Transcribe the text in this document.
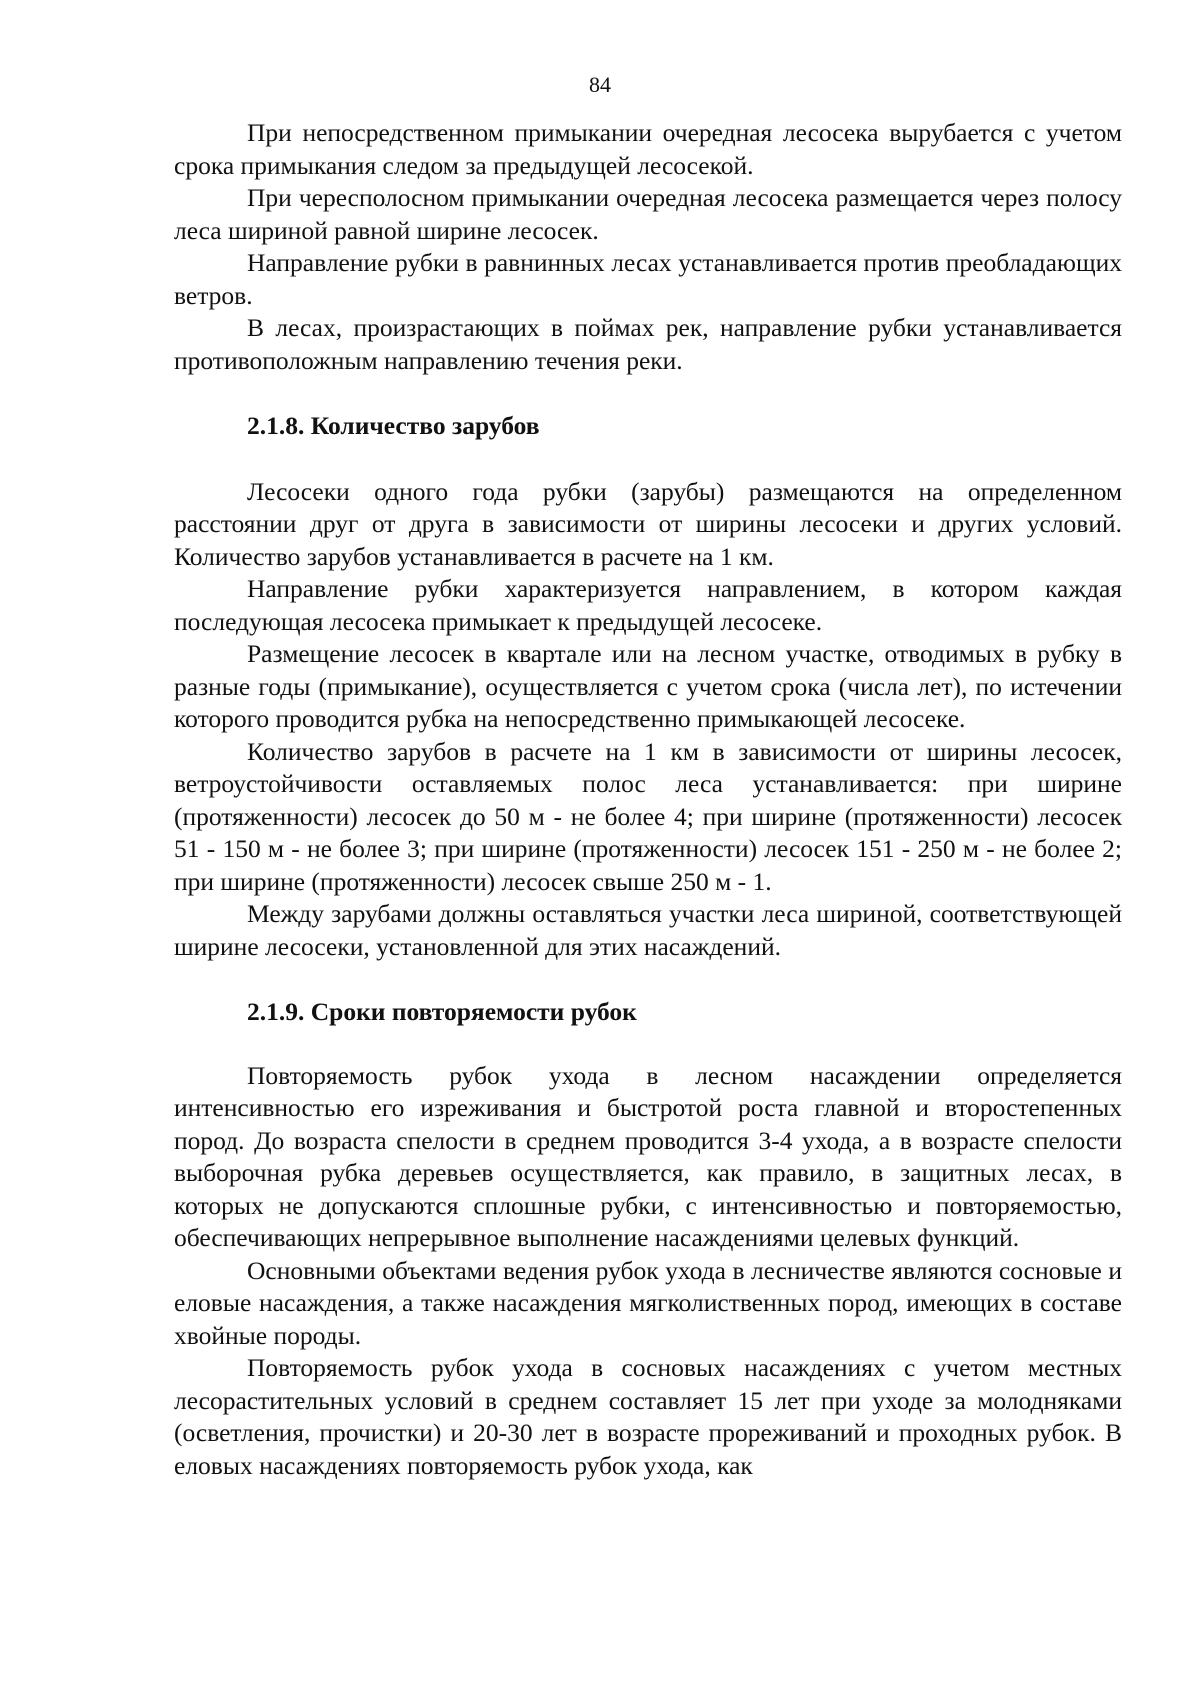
84

При непосредственном примыкании очередная лесосека вырубается с учетом срока примыкания следом за предыдущей лесосекой.

При чересполосном примыкании очередная лесосека размещается через полосу леса шириной равной ширине лесосек.

Направление рубки в равнинных лесах устанавливается против преобладающих ветров.

В лесах, произрастающих в поймах рек, направление рубки устанавливается противоположным направлению течения реки.

2.1.8. Количество зарубов

Лесосеки одного года рубки (зарубы) размещаются на определенном расстоянии друг от друга в зависимости от ширины лесосеки и других условий. Количество зарубов устанавливается в расчете на 1 км.

Направление рубки характеризуется направлением, в котором каждая последующая лесосека примыкает к предыдущей лесосеке.

Размещение лесосек в квартале или на лесном участке, отводимых в рубку в разные годы (примыкание), осуществляется с учетом срока (числа лет), по истечении которого проводится рубка на непосредственно примыкающей лесосеке.

Количество зарубов в расчете на 1 км в зависимости от ширины лесосек, ветроустойчивости оставляемых полос леса устанавливается: при ширине (протяженности) лесосек до 50 м - не более 4; при ширине (протяженности) лесосек 51 - 150 м - не более 3; при ширине (протяженности) лесосек 151 - 250 м - не более 2; при ширине (протяженности) лесосек свыше 250 м - 1.

Между зарубами должны оставляться участки леса шириной, соответствующей ширине лесосеки, установленной для этих насаждений.

2.1.9. Сроки повторяемости рубок

Повторяемость рубок ухода в лесном насаждении определяется интенсивностью его изреживания и быстротой роста главной и второстепенных пород. До возраста спелости в среднем проводится 3-4 ухода, а в возрасте спелости выборочная рубка деревьев осуществляется, как правило, в защитных лесах, в которых не допускаются сплошные рубки, с интенсивностью и повторяемостью, обеспечивающих непрерывное выполнение насаждениями целевых функций.

Основными объектами ведения рубок ухода в лесничестве являются сосновые и еловые насаждения, а также насаждения мягколиственных пород, имеющих в составе хвойные породы.

Повторяемость рубок ухода в сосновых насаждениях с учетом местных лесорастительных условий в среднем составляет 15 лет при уходе за молодняками (осветления, прочистки) и 20-30 лет в возрасте прореживаний и проходных рубок. В еловых насаждениях повторяемость рубок ухода, как
